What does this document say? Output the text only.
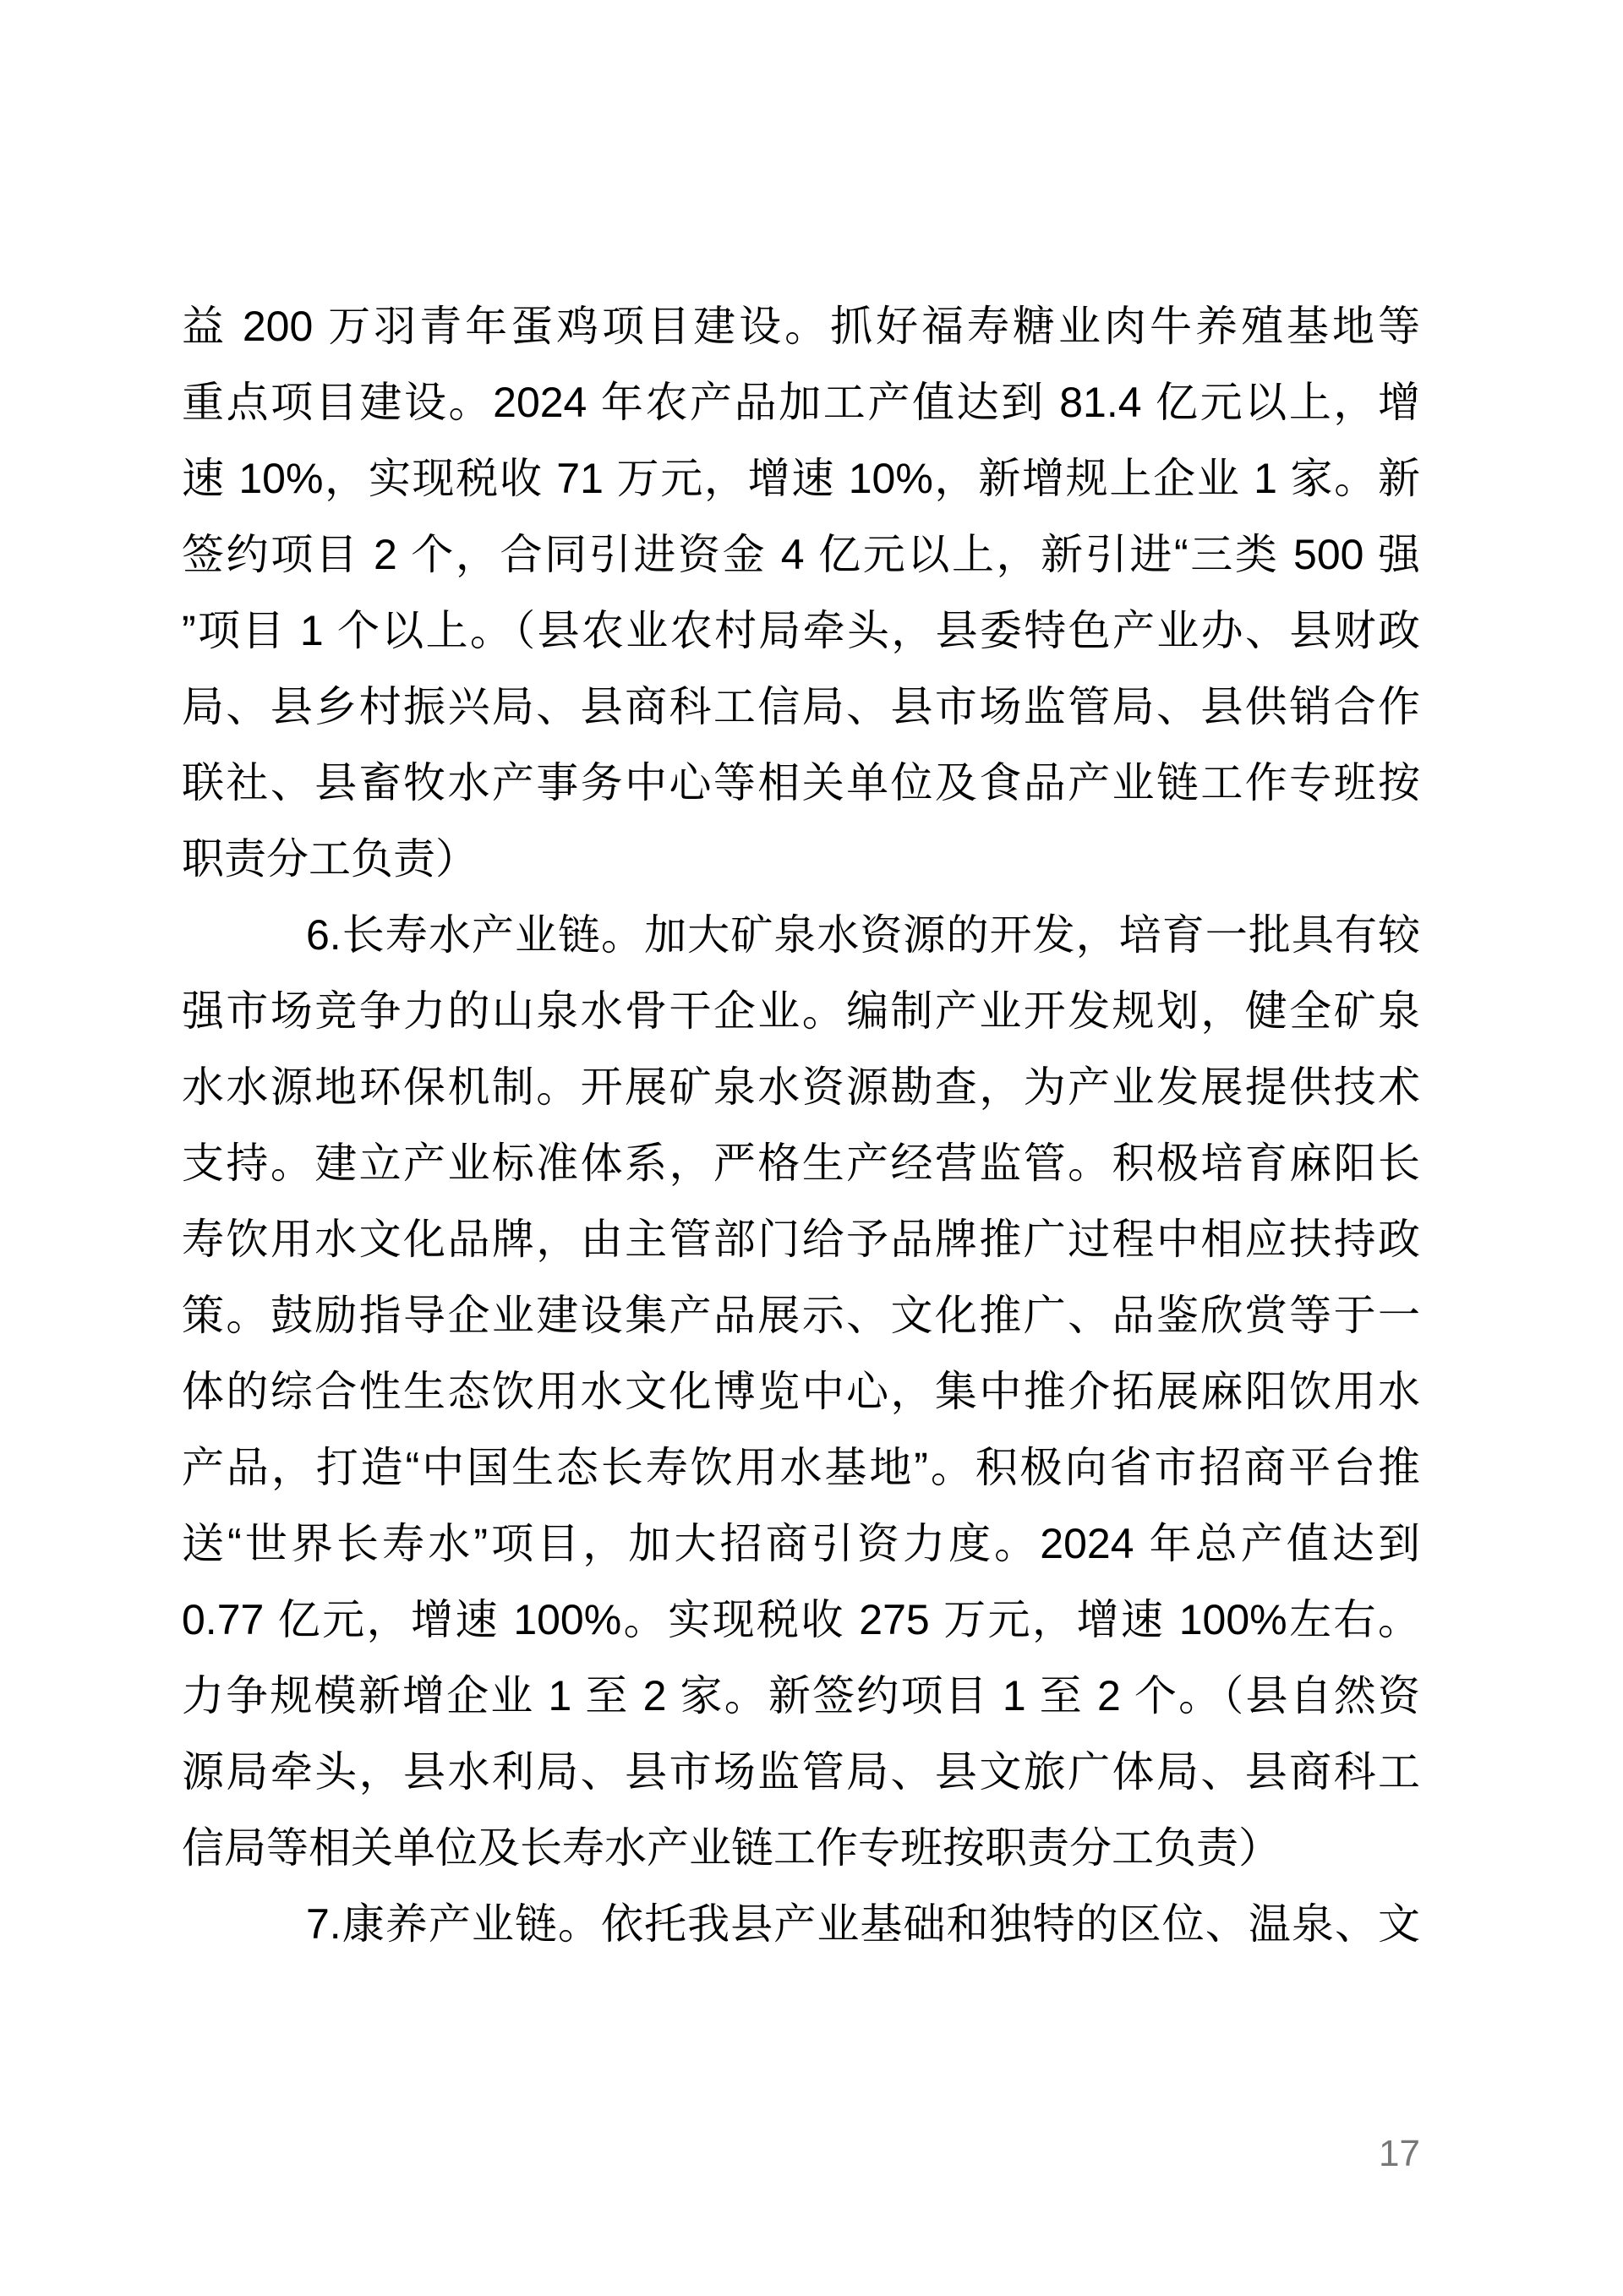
益 200 万羽青年蛋鸡项目建设。抓好福寿糖业肉牛养殖基地等
重点项目建设。2024 年农产品加工产值达到 81.4 亿元以上，增
速 10%，实现税收 71 万元，增速 10%，新增规上企业 1 家。新
签约项目 2 个，合同引进资金 4 亿元以上，新引进“三类 500 强
”项目 1 个以上。（县农业农村局牵头，县委特色产业办、县财政
局、县乡村振兴局、县商科工信局、县市场监管局、县供销合作
联社、县畜牧水产事务中心等相关单位及食品产业链工作专班按
职责分工负责）
6.长寿水产业链。加大矿泉水资源的开发，培育一批具有较
强市场竞争力的山泉水骨干企业。编制产业开发规划，健全矿泉
水水源地环保机制。开展矿泉水资源勘查，为产业发展提供技术
支持。建立产业标准体系，严格生产经营监管。积极培育麻阳长
寿饮用水文化品牌，由主管部门给予品牌推广过程中相应扶持政
策。鼓励指导企业建设集产品展示、文化推广、品鉴欣赏等于一
体的综合性生态饮用水文化博览中心，集中推介拓展麻阳饮用水
产品，打造“中国生态长寿饮用水基地”。积极向省市招商平台推
送“世界长寿水”项目，加大招商引资力度。2024 年总产值达到
0.77 亿元，增速 100%。实现税收 275 万元，增速 100%左右。
力争规模新增企业 1 至 2 家。新签约项目 1 至 2 个。（县自然资
源局牵头，县水利局、县市场监管局、县文旅广体局、县商科工
信局等相关单位及长寿水产业链工作专班按职责分工负责）
7.康养产业链。依托我县产业基础和独特的区位、温泉、文
17
